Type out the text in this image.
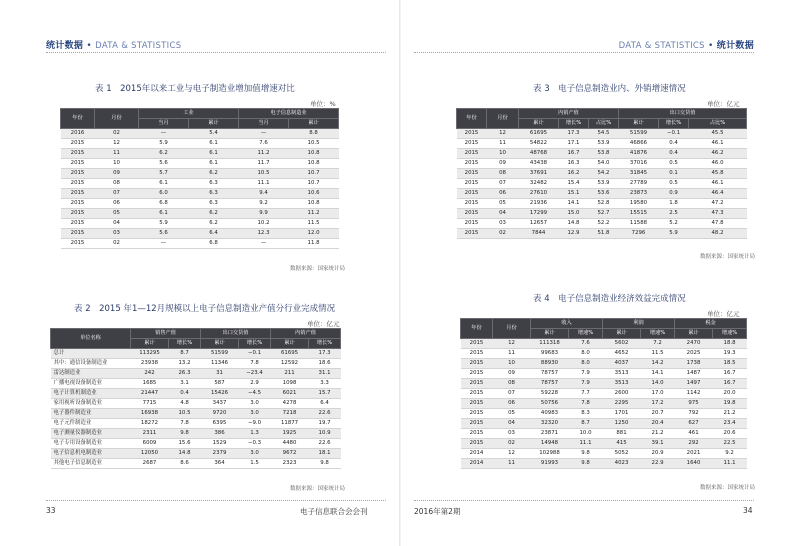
统计数据 • DATA & STATISTICS	DATA & STATISTICS • 统计数据
表 1　2015年以来工业与电子制造业增加值增速对比
单位：%
年份	月份	工业		电子信息制造业	
		当月	累计	当月	累计
2016	02	—	5.4	—	8.8
2015	12	5.9	6.1	7.6	10.5
2015	11	6.2	6.1	11.2	10.8
2015	10	5.6	6.1	11.7	10.8
2015	09	5.7	6.2	10.5	10.7
2015	08	6.1	6.3	11.1	10.7
2015	07	6.0	6.3	9.4	10.6
2015	06	6.8	6.3	9.2	10.8
2015	05	6.1	6.2	9.9	11.2
2015	04	5.9	6.2	10.2	11.5
2015	03	5.6	6.4	12.3	12.0
2015	02	—	6.8	—	11.8
数据来源：国家统计局
表 2　2015 年1—12月规模以上电子信息制造业产值分行业完成情况
单位：亿元
单位名称	销售产值		出口交货值		内销产值	
	累计	增长%	累计	增长%	累计	增长%
总计	113295	8.7	51599	−0.1	61695	17.3
其中：通信设备制造业	23938	13.2	11346	7.8	12592	18.6
雷达制造业	242	26.3	31	−23.4	211	31.1
广播电视设备制造业	1685	3.1	587	2.9	1098	3.3
电子计算机制造业	21447	0.4	15426	−4.5	6021	15.7
家用视听设备制造业	7715	4.8	3437	3.0	4278	6.4
电子器件制造业	16938	10.5	9720	3.0	7218	22.6
电子元件制造业	18272	7.8	6395	−9.0	11877	19.7
电子测量仪器制造业	2311	9.8	386	1.3	1925	10.9
电子专用设备制造业	6009	15.6	1529	−0.3	4480	22.6
电子信息机电制造业	12050	14.8	2379	3.0	9672	18.1
其他电子信息制造业	2687	8.6	364	1.5	2323	9.8
数据来源：国家统计局
表 3　电子信息制造业内、外销增速情况
单位：亿元
年份	月份	内销产值			出口交货值		
		累计	增长%	占比%	累计	增长%	占比%
2015	12	61695	17.3	54.5	51599	−0.1	45.5
2015	11	54822	17.1	53.9	46866	0.4	46.1
2015	10	48768	16.7	53.8	41876	0.4	46.2
2015	09	43438	16.3	54.0	37016	0.5	46.0
2015	08	37691	16.2	54.2	31845	0.1	45.8
2015	07	32482	15.4	53.9	27789	0.5	46.1
2015	06	27610	15.1	53.6	23873	0.9	46.4
2015	05	21936	14.1	52.8	19580	1.8	47.2
2015	04	17299	15.0	52.7	15515	2.5	47.3
2015	03	12657	14.8	52.2	11588	5.2	47.8
2015	02	7844	12.9	51.8	7296	5.9	48.2
数据来源：国家统计局
表 4　电子信息制造业经济效益完成情况
单位：亿元
年份	月份	收入		利润		税金	
		累计	增速%	累计	增速%	累计	增速%
2015	12	111318	7.6	5602	7.2	2470	18.8
2015	11	99683	8.0	4652	11.5	2025	19.3
2015	10	88930	8.0	4037	14.2	1738	18.5
2015	09	78757	7.9	3513	14.1	1487	16.7
2015	08	78757	7.9	3513	14.0	1497	16.7
2015	07	59228	7.7	2600	17.0	1142	20.0
2015	06	50756	7.8	2295	17.2	975	19.8
2015	05	40983	8.3	1701	20.7	792	21.2
2015	04	32320	8.7	1250	20.4	627	23.4
2015	03	23871	10.0	881	21.2	461	20.6
2015	02	14948	11.1	415	39.1	292	22.5
2014	12	102988	9.8	5052	20.9	2021	9.2
2014	11	91993	9.8	4023	22.9	1640	11.1
数据来源：国家统计局
33	电子信息联合会会刊	2016年第2期	34
